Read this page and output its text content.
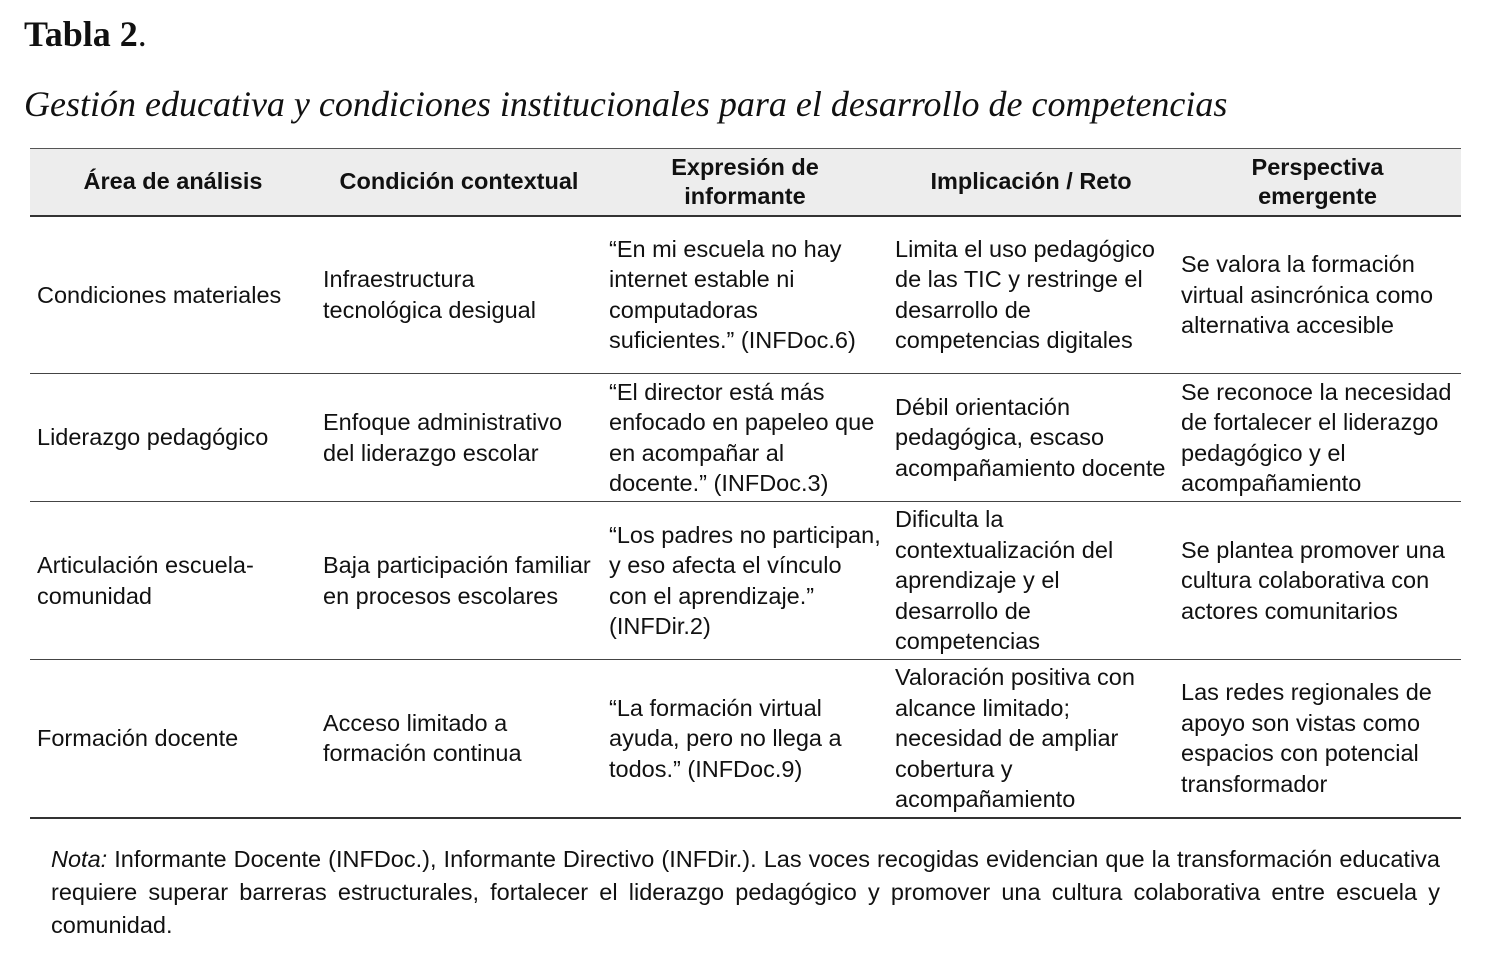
Tabla 2.
Gestión educativa y condiciones institucionales para el desarrollo de competencias
Área de análisis	Condición contextual	Expresión de informante	Implicación / Reto	Perspectiva emergente
Condiciones materiales	Infraestructura tecnológica desigual	“En mi escuela no hay internet estable ni computadoras suficientes.” (INFDoc.6)	Limita el uso pedagógico de las TIC y restringe el desarrollo de competencias digitales	Se valora la formación virtual asincrónica como alternativa accesible
Liderazgo pedagógico	Enfoque administrativo del liderazgo escolar	“El director está más enfocado en papeleo que en acompañar al docente.” (INFDoc.3)	Débil orientación pedagógica, escaso acompañamiento docente	Se reconoce la necesidad de fortalecer el liderazgo pedagógico y el acompañamiento
Articulación escuela-comunidad	Baja participación familiar en procesos escolares	“Los padres no participan, y eso afecta el vínculo con el aprendizaje.” (INFDir.2)	Dificulta la contextualización del aprendizaje y el desarrollo de competencias	Se plantea promover una cultura colaborativa con actores comunitarios
Formación docente	Acceso limitado a formación continua	“La formación virtual ayuda, pero no llega a todos.” (INFDoc.9)	Valoración positiva con alcance limitado; necesidad de ampliar cobertura y acompañamiento	Las redes regionales de apoyo son vistas como espacios con potencial transformador

Nota: Informante Docente (INFDoc.), Informante Directivo (INFDir.). Las voces recogidas evidencian que la transformación educativa requiere superar barreras estructurales, fortalecer el liderazgo pedagógico y promover una cultura colaborativa entre escuela y comunidad.
